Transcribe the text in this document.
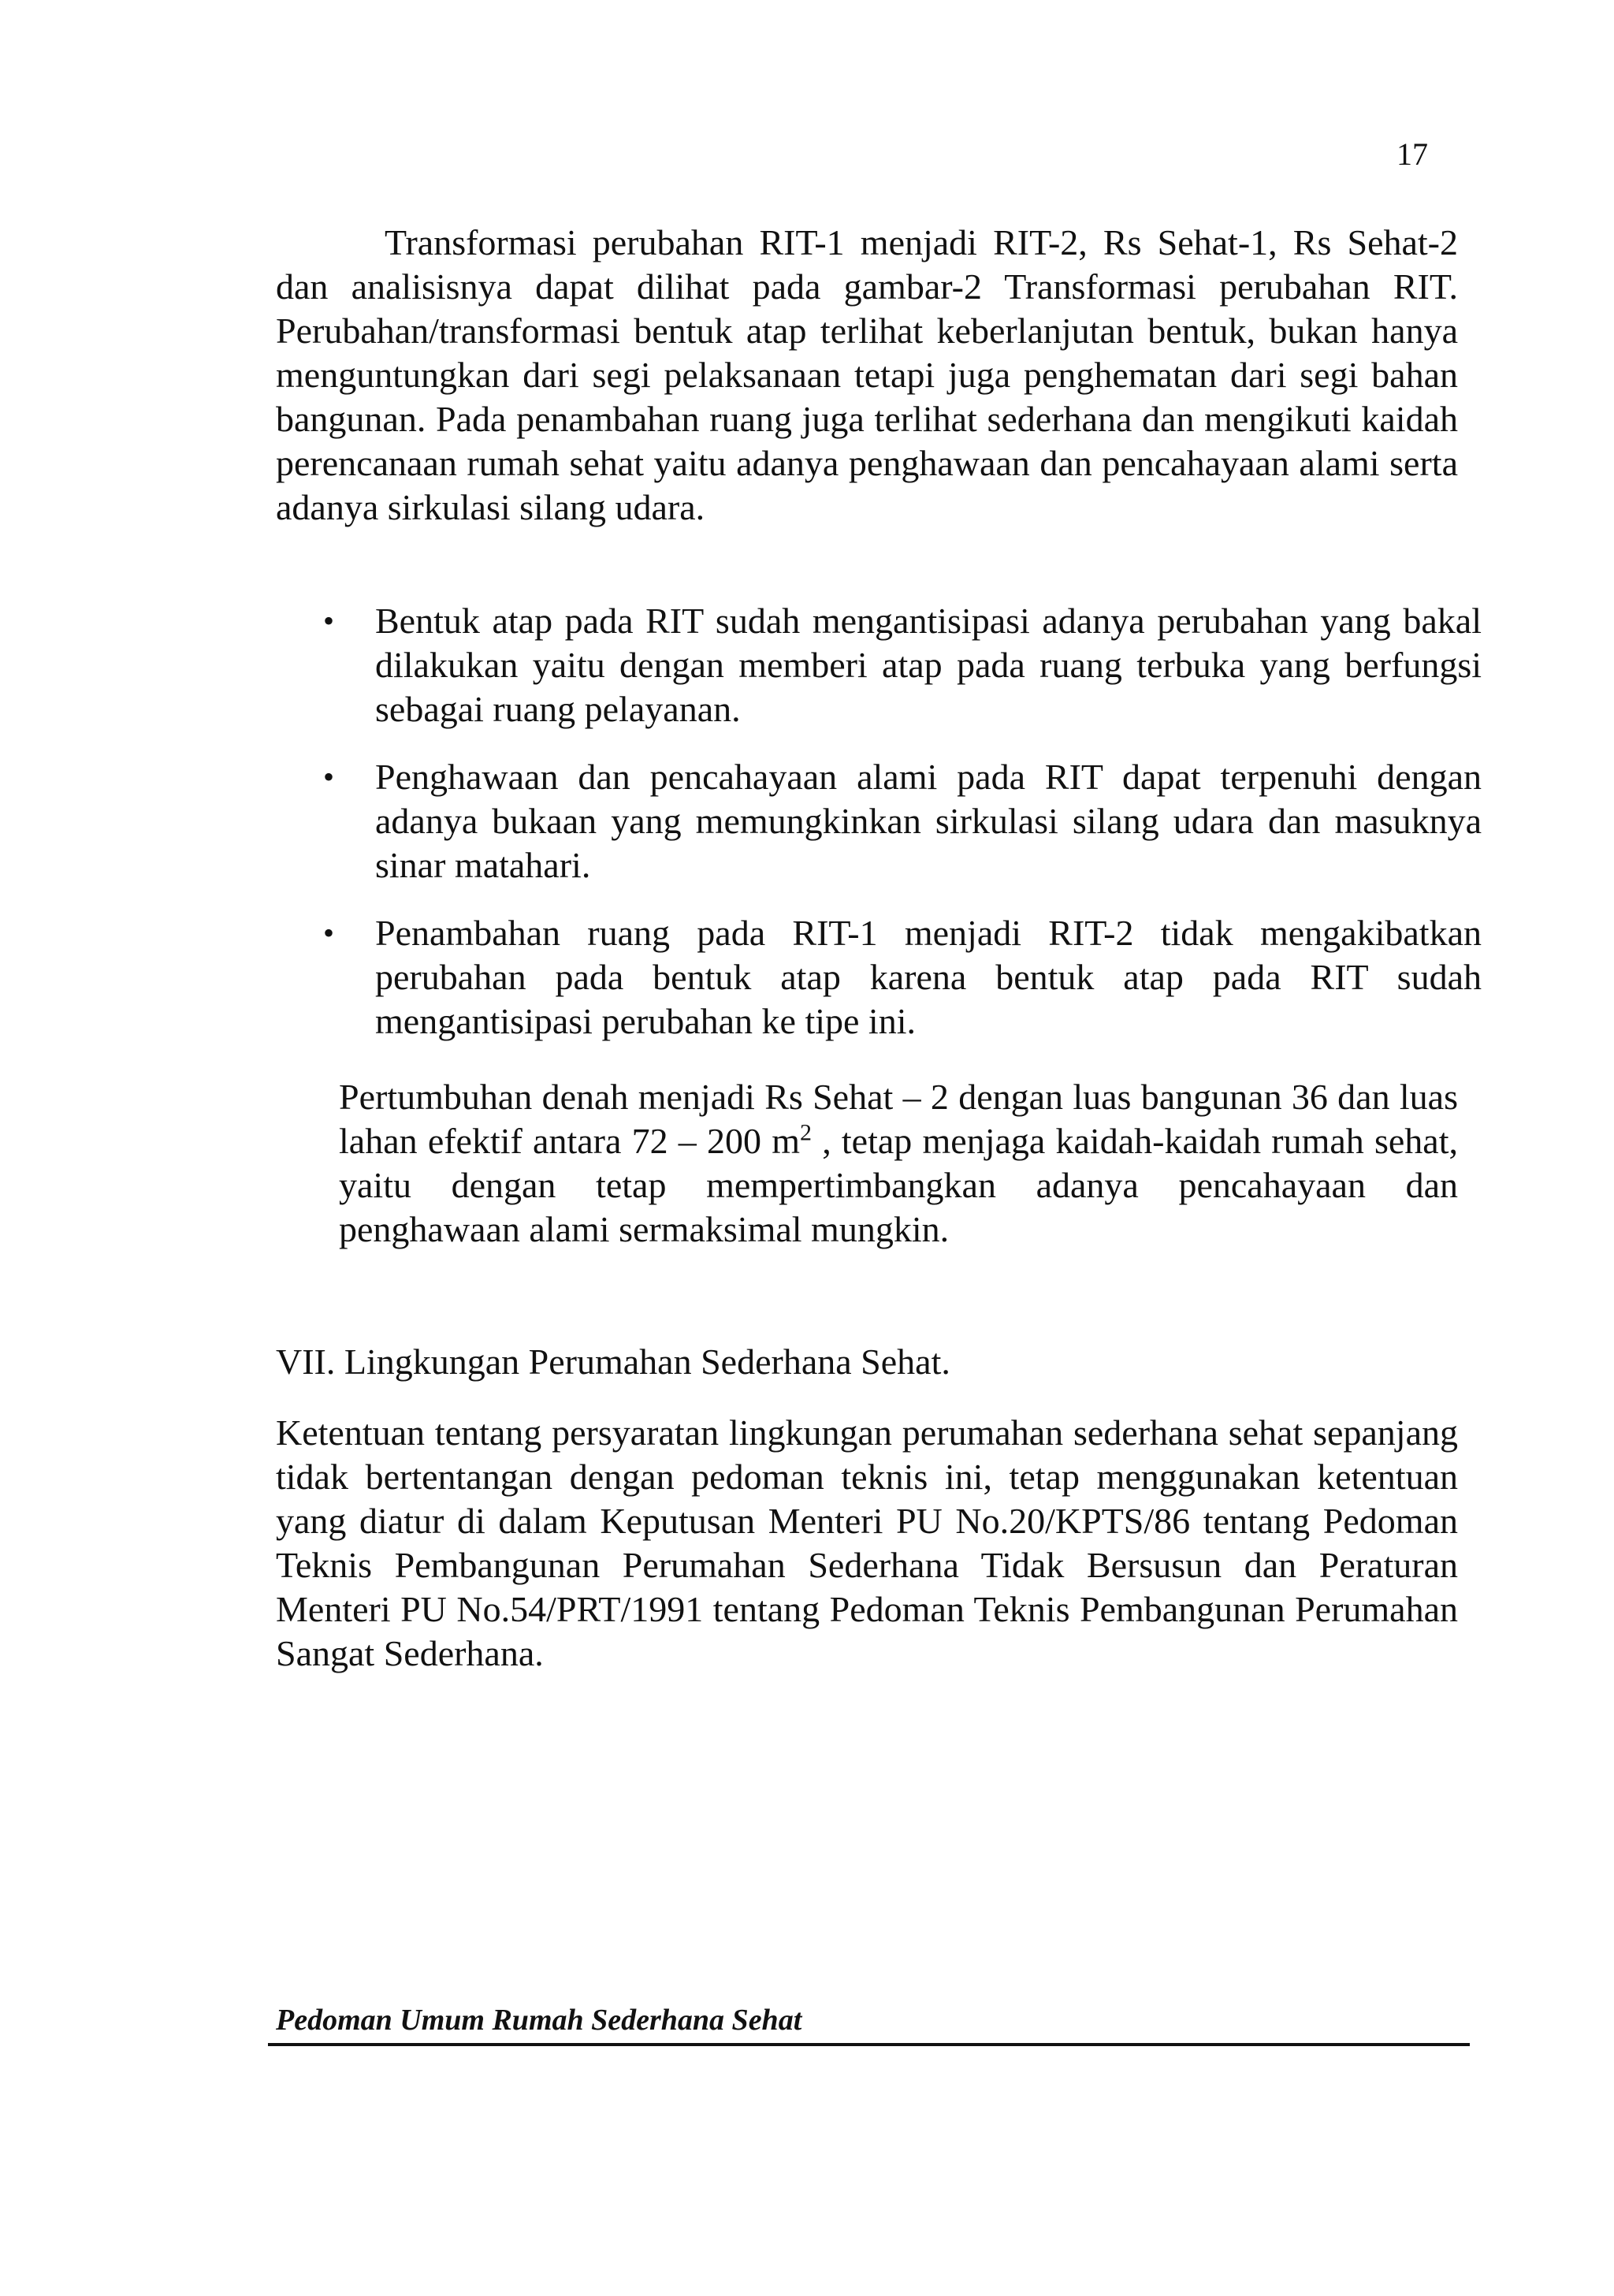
17

Transformasi perubahan RIT-1 menjadi RIT-2, Rs Sehat-1, Rs Sehat-2 dan analisisnya dapat dilihat pada gambar-2 Transformasi perubahan RIT. Perubahan/transformasi bentuk atap terlihat keberlanjutan bentuk, bukan hanya menguntungkan dari segi pelaksanaan tetapi juga penghematan dari segi bahan bangunan. Pada penambahan ruang juga terlihat sederhana dan mengikuti kaidah perencanaan rumah sehat yaitu adanya penghawaan dan pencahayaan alami serta adanya sirkulasi silang udara.

•	Bentuk atap pada RIT sudah mengantisipasi adanya perubahan yang bakal dilakukan yaitu dengan memberi atap pada ruang terbuka yang berfungsi sebagai ruang pelayanan.
•	Penghawaan dan pencahayaan alami pada RIT dapat terpenuhi dengan adanya bukaan yang memungkinkan sirkulasi silang udara dan masuknya sinar matahari.
•	Penambahan ruang pada RIT-1 menjadi RIT-2 tidak mengakibatkan perubahan pada bentuk atap karena bentuk atap pada RIT sudah mengantisipasi perubahan ke tipe ini.

Pertumbuhan denah menjadi Rs Sehat – 2 dengan luas bangunan 36 dan luas lahan efektif antara 72 – 200 $m^2$ , tetap menjaga kaidah-kaidah rumah sehat, yaitu dengan tetap mempertimbangkan adanya pencahayaan dan penghawaan alami sermaksimal mungkin.

VII. Lingkungan Perumahan Sederhana Sehat.

Ketentuan tentang persyaratan lingkungan perumahan sederhana sehat sepanjang tidak bertentangan dengan pedoman teknis ini, tetap menggunakan ketentuan yang diatur di dalam Keputusan Menteri PU No.20/KPTS/86 tentang Pedoman Teknis Pembangunan Perumahan Sederhana Tidak Bersusun dan Peraturan Menteri PU No.54/PRT/1991 tentang Pedoman Teknis Pembangunan Perumahan Sangat Sederhana.

Pedoman Umum Rumah Sederhana Sehat
